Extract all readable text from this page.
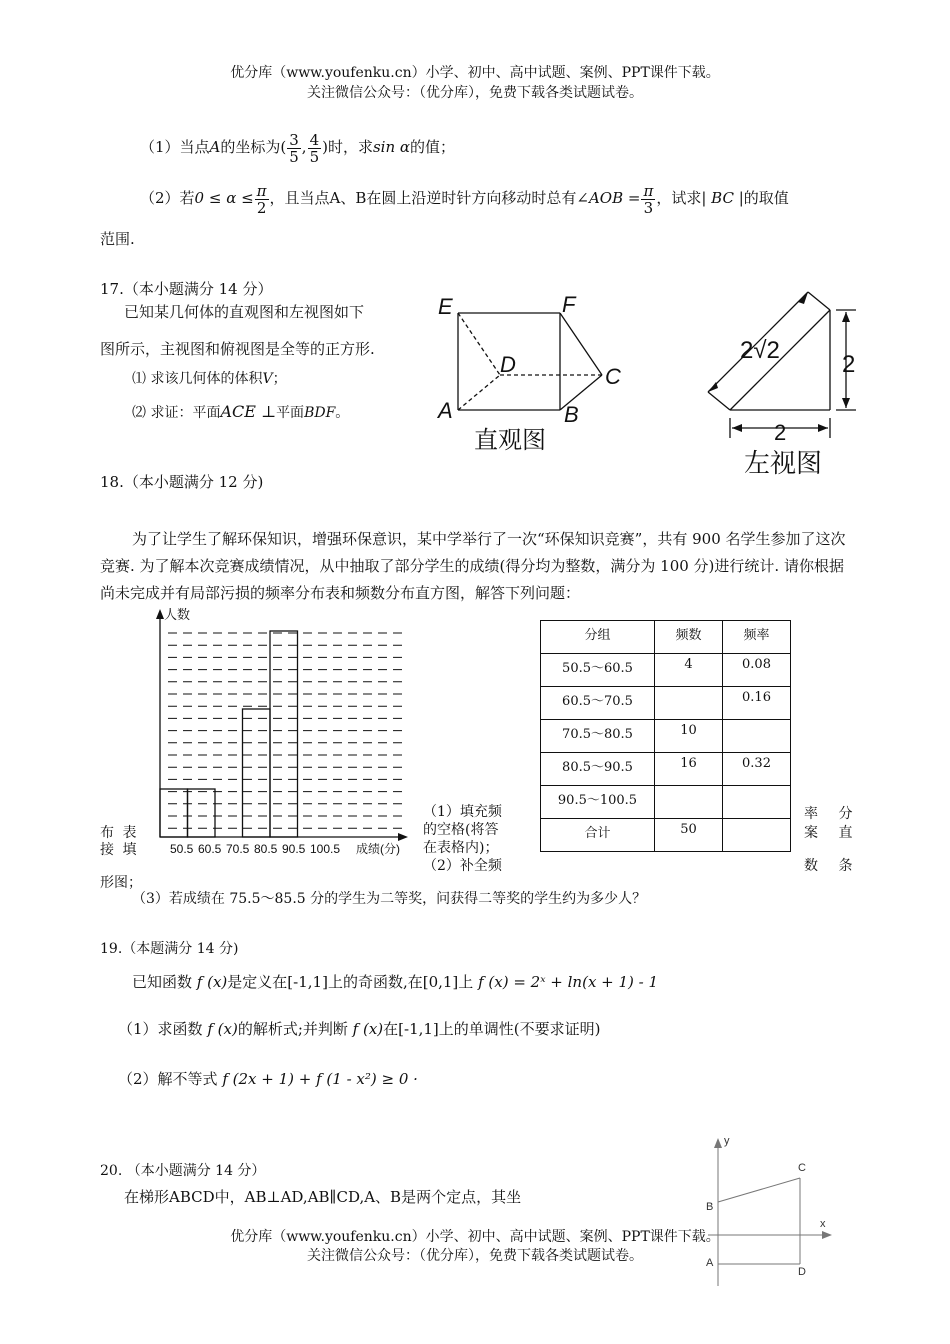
优分库（www.youfenku.cn）小学、初中、高中试题、案例、PPT课件下载。
关注微信公众号：（优分库），免费下载各类试题试卷。
（1）当点A的坐标为( $\frac{3}{5}$ , $\frac{4}{5}$ )时，求sin α的值；
（2）若$0 \le \alpha \le \frac{\pi}{2}$ ，且当点A、B在圆上沿逆时针方向移动时总有∠AOB = $\frac{\pi}{3}$ ，试求| BC |的取值
范围.
17.（本小题满分 14 分）
已知某几何体的直观图和左视图如下
图所示，主视图和俯视图是全等的正方形.
⑴ 求该几何体的体积V；
⑵ 求证：平面ACE ⊥平面BDF。
E	F
D	C
A	B
直观图
2√2
2
2
左视图
18.（本小题满分 12 分)
为了让学生了解环保知识，增强环保意识，某中学举行了一次“环保知识竞赛”，共有 900 名学生参加了这次竞赛. 为了解本次竞赛成绩情况，从中抽取了部分学生的成绩(得分均为整数，满分为 100 分)进行统计. 请你根据尚未完成并有局部污损的频率分布表和频数分布直方图，解答下列问题：
人数
成绩(分)
50.5 60.5 70.5 80.5 90.5 100.5
分组	频数	频率
50.5～60.5	4	0.08
60.5～70.5		0.16
70.5～80.5	10	
80.5～90.5	16	0.32
90.5～100.5		
合计	50	
布 表
接 填
（1）填充频
的空格(将答
在表格内)；
（2）补全频
率 分
案 直
数 条
形图；
（3）若成绩在 75.5～85.5 分的学生为二等奖，问获得二等奖的学生约为多少人？
19.（本题满分 14 分)
已知函数 f (x)是定义在[-1,1]上的奇函数,在[0,1]上 f (x) = 2ˣ + ln(x + 1) - 1
（1）求函数 f (x)的解析式;并判断 f (x)在[-1,1]上的单调性(不要求证明)
（2）解不等式 f (2x + 1) + f (1 - x²) ≥ 0 ·
20. （本小题满分 14 分）
在梯形ABCD中，AB⊥AD,AB∥CD,A、B是两个定点，其坐
y
x
C
B
A
D
优分库（www.youfenku.cn）小学、初中、高中试题、案例、PPT课件下载。
关注微信公众号：（优分库），免费下载各类试题试卷。
